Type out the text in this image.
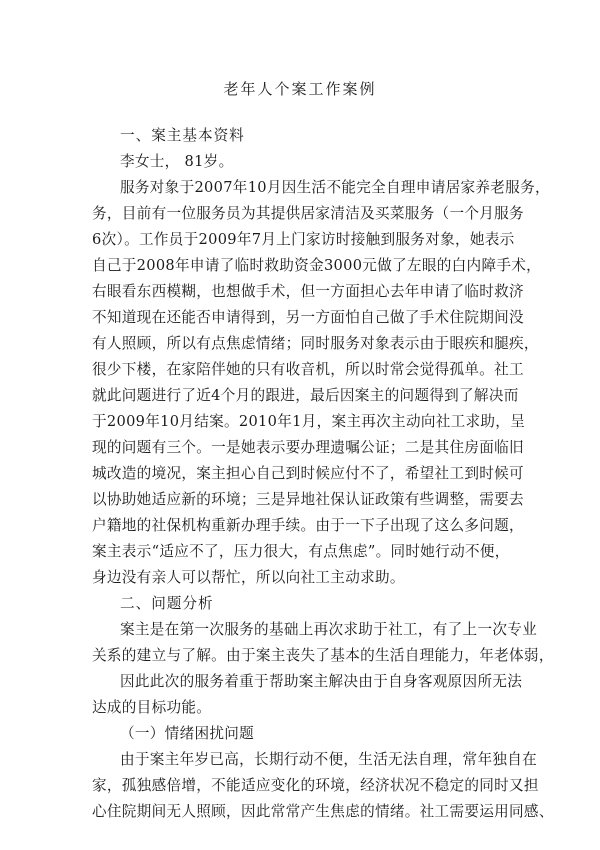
老年人个案工作案例
一、案主基本资料
李女士， 81岁。
服务对象于2007年10月因生活不能完全自理申请居家养老服务，
务，目前有一位服务员为其提供居家清洁及买菜服务（一个月服务
6次）。工作员于2009年7月上门家访时接触到服务对象，她表示
自己于2008年申请了临时救助资金3000元做了左眼的白内障手术，
右眼看东西模糊，也想做手术，但一方面担心去年申请了临时救济
不知道现在还能否申请得到，另一方面怕自己做了手术住院期间没
有人照顾，所以有点焦虑情绪；同时服务对象表示由于眼疾和腿疾，
很少下楼，在家陪伴她的只有收音机，所以时常会觉得孤单。社工
就此问题进行了近4个月的跟进，最后因案主的问题得到了解决而
于2009年10月结案。2010年1月，案主再次主动向社工求助，呈
现的问题有三个。一是她表示要办理遗嘱公证；二是其住房面临旧
城改造的境况，案主担心自己到时候应付不了，希望社工到时候可
以协助她适应新的环境；三是异地社保认证政策有些调整，需要去
户籍地的社保机构重新办理手续。由于一下子出现了这么多问题，
案主表示“适应不了，压力很大，有点焦虑”。同时她行动不便，
身边没有亲人可以帮忙，所以向社工主动求助。
二、问题分析
案主是在第一次服务的基础上再次求助于社工，有了上一次专业
关系的建立与了解。由于案主丧失了基本的生活自理能力，年老体弱，
因此此次的服务着重于帮助案主解决由于自身客观原因所无法
达成的目标功能。
（一）情绪困扰问题
由于案主年岁已高，长期行动不便，生活无法自理，常年独自在
家，孤独感倍增，不能适应变化的环境，经济状况不稳定的同时又担
心住院期间无人照顾，因此常常产生焦虑的情绪。社工需要运用同感、
